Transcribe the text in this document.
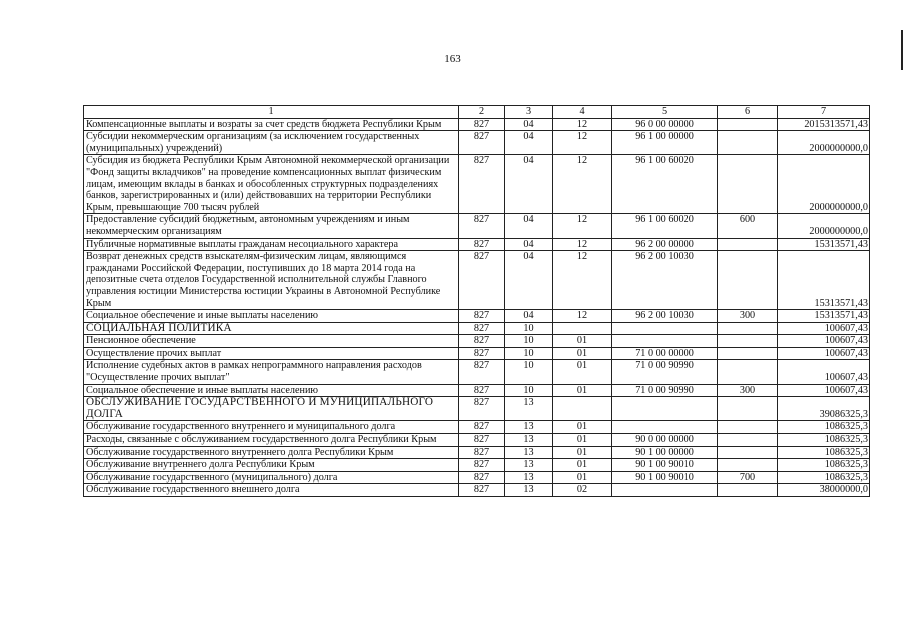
163
1	2	3	4	5	6	7
Компенсационные выплаты и возраты за счет средств бюджета Республики Крым	827	04	12	96 0 00 00000		2015313571,43
Субсидии некоммерческим организациям (за исключением государственных (муниципальных) учреждений)	827	04	12	96 1 00 00000		2000000000,0
Субсидия из бюджета Республики Крым Автономной некоммерческой организации "Фонд защиты вкладчиков" на проведение компенсационных выплат физическим лицам, имеющим вклады в банках и обособленных структурных подразделениях банков, зарегистрированных и (или) действовавших на территории Республики Крым, превышающие 700 тысяч рублей	827	04	12	96 1 00 60020		2000000000,0
Предоставление субсидий бюджетным, автономным учреждениям и иным некоммерческим организациям	827	04	12	96 1 00 60020	600	2000000000,0
Публичные нормативные выплаты гражданам несоциального характера	827	04	12	96 2 00 00000		15313571,43
Возврат денежных средств взыскателям-физическим лицам, являющимся гражданами Российской Федерации, поступивших до 18 марта 2014 года на депозитные счета отделов Государственной исполнительной службы Главного управления юстиции Министерства юстиции Украины в Автономной Республике Крым	827	04	12	96 2 00 10030		15313571,43
Социальное обеспечение и иные выплаты населению	827	04	12	96 2 00 10030	300	15313571,43
СОЦИАЛЬНАЯ ПОЛИТИКА	827	10				100607,43
Пенсионное обеспечение	827	10	01			100607,43
Осуществление прочих выплат	827	10	01	71 0 00 00000		100607,43
Исполнение судебных актов в рамках непрограммного направления расходов "Осуществление прочих выплат"	827	10	01	71 0 00 90990		100607,43
Социальное обеспечение и иные выплаты населению	827	10	01	71 0 00 90990	300	100607,43
ОБСЛУЖИВАНИЕ ГОСУДАРСТВЕННОГО И МУНИЦИПАЛЬНОГО ДОЛГА	827	13				39086325,3
Обслуживание государственного внутреннего и муниципального долга	827	13	01			1086325,3
Расходы, связанные с обслуживанием государственного долга Республики Крым	827	13	01	90 0 00 00000		1086325,3
Обслуживание государственного внутреннего долга Республики Крым	827	13	01	90 1 00 00000		1086325,3
Обслуживание внутреннего долга Республики Крым	827	13	01	90 1 00 90010		1086325,3
Обслуживание государственного (муниципального) долга	827	13	01	90 1 00 90010	700	1086325,3
Обслуживание государственного внешнего долга	827	13	02			38000000,0
